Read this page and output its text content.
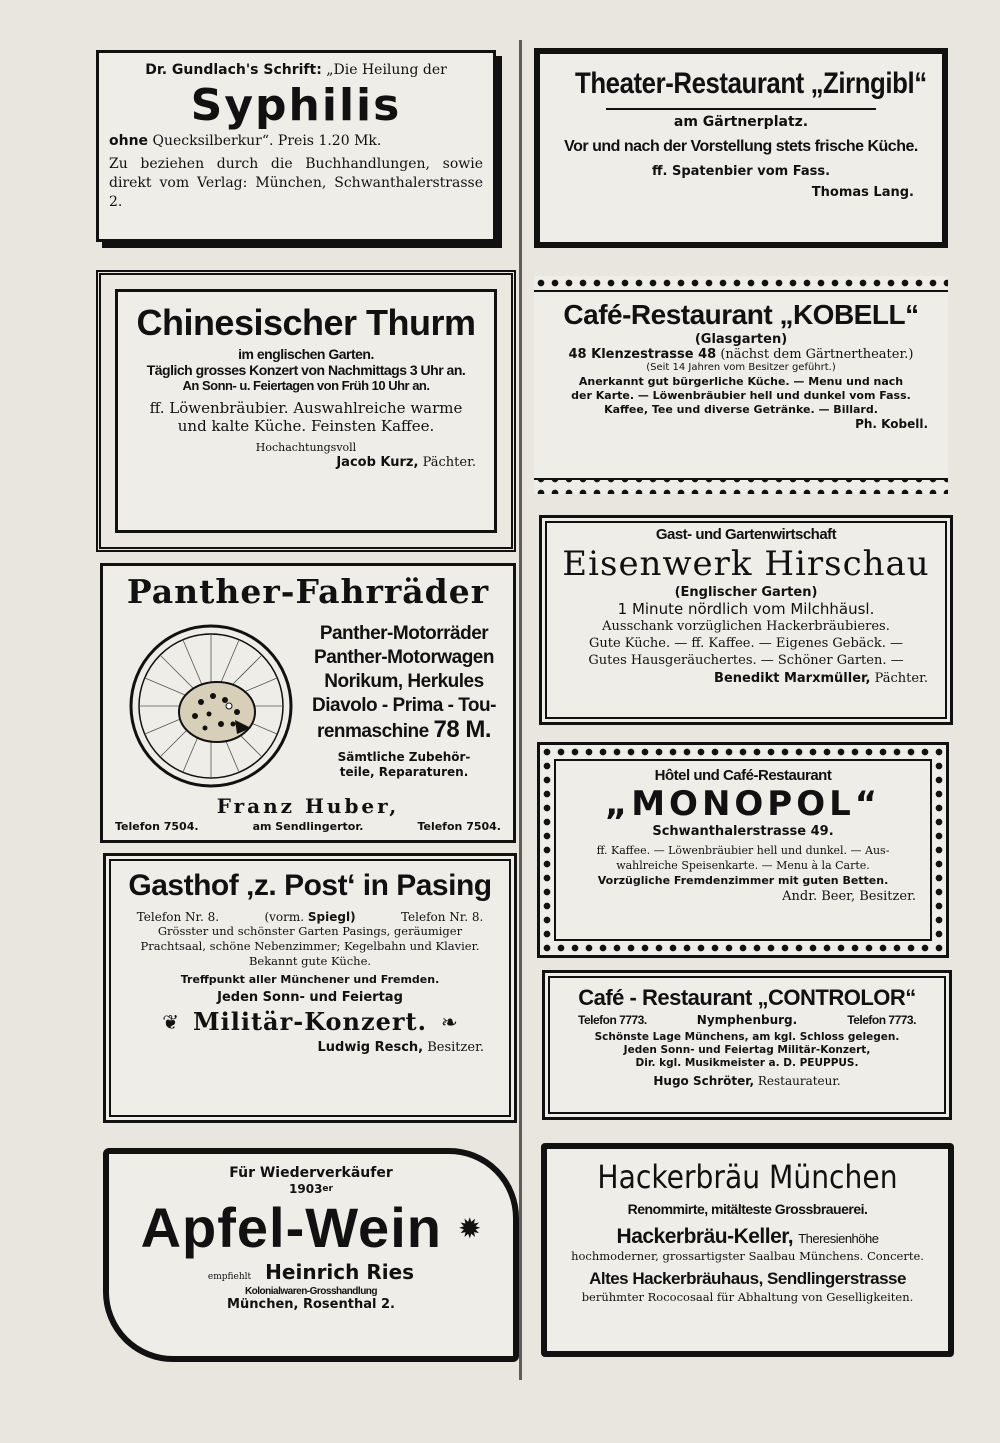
Dr. Gundlach's Schrift: „Die Heilung der
Syphilis
ohne Quecksilberkur“. Preis 1.20 Mk.
Zu beziehen durch die Buchhandlungen, sowie direkt vom Verlag: München, Schwanthalerstrasse 2.
Theater-Restaurant „Zirngibl“
am Gärtnerplatz.
Vor und nach der Vorstellung stets frische Küche.
ff. Spatenbier vom Fass.
Thomas Lang.
Chinesischer Thurm
im englischen Garten.
Täglich grosses Konzert von Nachmittags 3 Uhr an.
An Sonn- u. Feiertagen von Früh 10 Uhr an.
ff. Löwenbräubier. Auswahlreiche warme
und kalte Küche. Feinsten Kaffee.
Hochachtungsvoll
Jacob Kurz, Pächter.
Café-Restaurant „KOBELL“
(Glasgarten)
48 Klenzestrasse 48 (nächst dem Gärtnertheater.)
(Seit 14 Jahren vom Besitzer geführt.)
Anerkannt gut bürgerliche Küche. — Menu und nach
der Karte. — Löwenbräubier hell und dunkel vom Fass.
Kaffee, Tee und diverse Getränke. — Billard.
Ph. Kobell.
Panther-Fahrräder
Panther-Motorräder
Panther-Motorwagen
Norikum, Herkules
Diavolo - Prima - Tou-
renmaschine 78 M.
Sämtliche Zubehör-
teile, Reparaturen.
Franz Huber,
Telefon 7504.	am Sendlingertor.	Telefon 7504.
Gast- und Gartenwirtschaft
Eisenwerk Hirschau
(Englischer Garten)
1 Minute nördlich vom Milchhäusl.
Ausschank vorzüglichen Hackerbräubieres.
Gute Küche. — ff. Kaffee. — Eigenes Gebäck. —
Gutes Hausgeräuchertes. — Schöner Garten. —
Benedikt Marxmüller, Pächter.
Hôtel und Café-Restaurant
„MONOPOL“
Schwanthalerstrasse 49.
ff. Kaffee. — Löwenbräubier hell und dunkel. — Aus-
wahlreiche Speisenkarte. — Menu à la Carte.
Vorzügliche Fremdenzimmer mit guten Betten.
Andr. Beer, Besitzer.
Gasthof ‚z. Post‘ in Pasing
Telefon Nr. 8.	(vorm. Spiegl)	Telefon Nr. 8.
Grösster und schönster Garten Pasings, geräumiger
Prachtsaal, schöne Nebenzimmer; Kegelbahn und Klavier.
Bekannt gute Küche.
Treffpunkt aller Münchener und Fremden.
Jeden Sonn- und Feiertag
❦ Militär-Konzert. ❧
Ludwig Resch, Besitzer.
Café - Restaurant „CONTROLOR“
Telefon 7773.	Nymphenburg.	Telefon 7773.
Schönste Lage Münchens, am kgl. Schloss gelegen.
Jeden Sonn- und Feiertag Militär-Konzert,
Dir. kgl. Musikmeister a. D. PEUPPUS.
Hugo Schröter, Restaurateur.
Für Wiederverkäufer
1903er
Apfel-Wein ✹
empfiehlt Heinrich Ries
Kolonialwaren-Grosshandlung
München, Rosenthal 2.
Hackerbräu München
Renommirte, mitälteste Grossbrauerei.
Hackerbräu-Keller, Theresienhöhe
hochmoderner, grossartigster Saalbau Münchens. Concerte.
Altes Hackerbräuhaus, Sendlingerstrasse
berühmter Rococosaal für Abhaltung von Geselligkeiten.
